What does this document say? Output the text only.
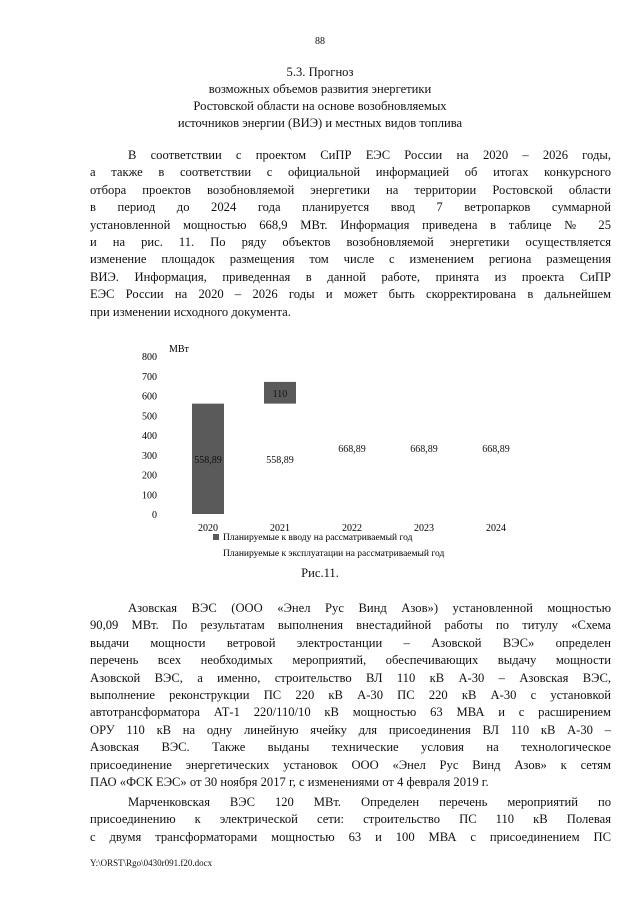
88
5.3. Прогноз
возможных объемов развития энергетики
Ростовской области на основе возобновляемых
источников энергии (ВИЭ) и местных видов топлива
В соответствии с проектом СиПР ЕЭС России на 2020 – 2026 годы,
а также в соответствии с официальной информацией об итогах конкурсного
отбора проектов возобновляемой энергетики на территории Ростовской области
в период до 2024 года планируется ввод 7 ветропарков суммарной
установленной мощностью 668,9 МВт. Информация приведена в таблице № 25
и на рис. 11. По ряду объектов возобновляемой энергетики осуществляется
изменение площадок размещения том числе с изменением региона размещения
ВИЭ. Информация, приведенная в данной работе, принята из проекта СиПР
ЕЭС России на 2020 – 2026 годы и может быть скорректирована в дальнейшем
при изменении исходного документа.
0
100
200
300
400
500
600
700
800
МВт
558,89
110
558,89
668,89	668,89	668,89
2020	2021	2022	2023	2024
Планируемые к вводу на рассматриваемый год
Планируемые к эксплуатации на рассматриваемый год
Рис.11.
Азовская ВЭС (ООО «Энел Рус Винд Азов») установленной мощностью
90,09 МВт. По результатам выполнения внестадийной работы по титулу «Схема
выдачи мощности ветровой электростанции – Азовской ВЭС» определен
перечень всех необходимых мероприятий, обеспечивающих выдачу мощности
Азовской ВЭС, а именно, строительство ВЛ 110 кВ А-30 – Азовская ВЭС,
выполнение реконструкции ПС 220 кВ А-30 ПС 220 кВ А-30 с установкой
автотрансформатора АТ-1 220/110/10 кВ мощностью 63 МВА и с расширением
ОРУ 110 кВ на одну линейную ячейку для присоединения ВЛ 110 кВ А-30 –
Азовская ВЭС. Также выданы технические условия на технологическое
присоединение энергетических установок ООО «Энел Рус Винд Азов» к сетям
ПАО «ФСК ЕЭС» от 30 ноября 2017 г, с изменениями от 4 февраля 2019 г.
Марченковская ВЭС 120 МВт. Определен перечень мероприятий по
присоединению к электрической сети: строительство ПС 110 кВ Полевая
с двумя трансформаторами мощностью 63 и 100 МВА с присоединением ПС
Y:\ORST\Rgo\0430r091.f20.docx
